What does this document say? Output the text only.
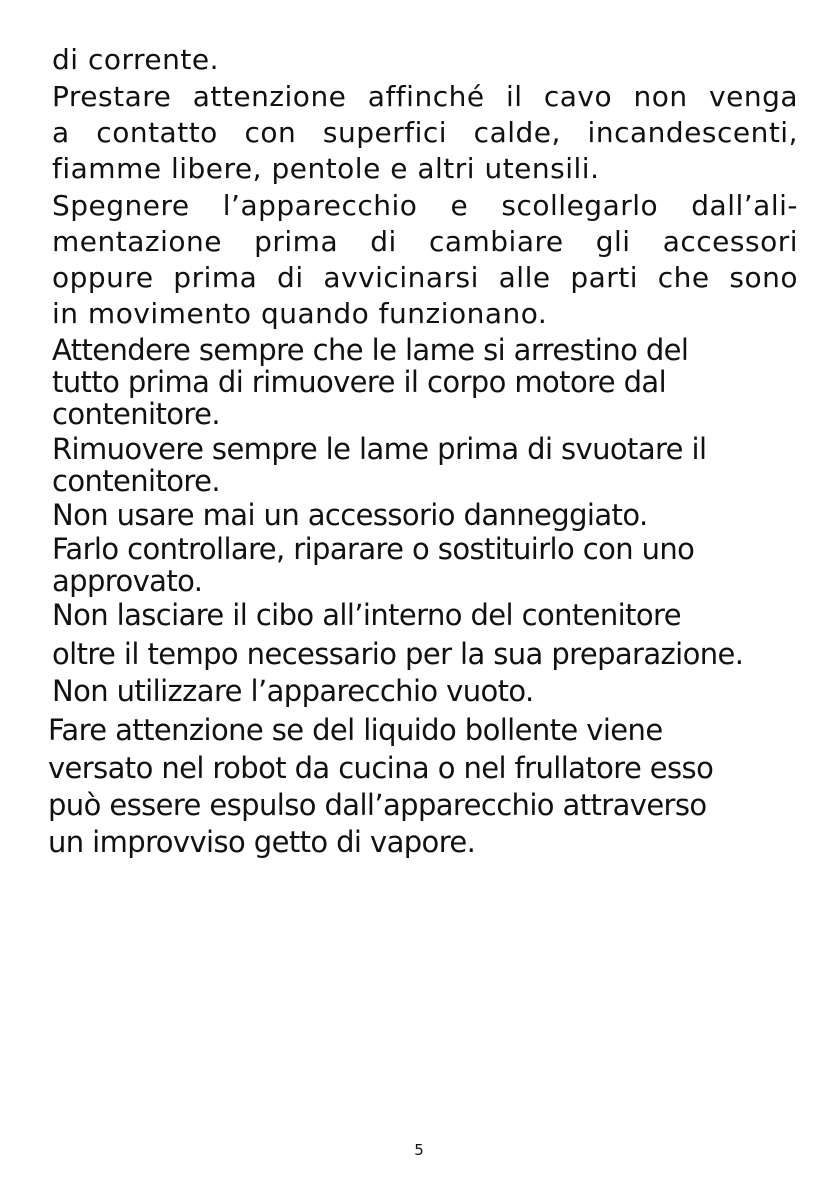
di corrente.
Prestare attenzione affinché il cavo non venga
a contatto con superfici calde, incandescenti,
fiamme libere, pentole e altri utensili.
Spegnere l’apparecchio e scollegarlo dall’ali-
mentazione prima di cambiare gli accessori
oppure prima di avvicinarsi alle parti che sono
in movimento quando funzionano.
Attendere sempre che le lame si arrestino del
tutto prima di rimuovere il corpo motore dal
contenitore.
Rimuovere sempre le lame prima di svuotare il
contenitore.
Non usare mai un accessorio danneggiato.
Farlo controllare, riparare o sostituirlo con uno
approvato.
Non lasciare il cibo all’interno del contenitore
oltre il tempo necessario per la sua preparazione.
Non utilizzare l’apparecchio vuoto.
Fare attenzione se del liquido bollente viene
versato nel robot da cucina o nel frullatore esso
può essere espulso dall’apparecchio attraverso
un improvviso getto di vapore.
5
